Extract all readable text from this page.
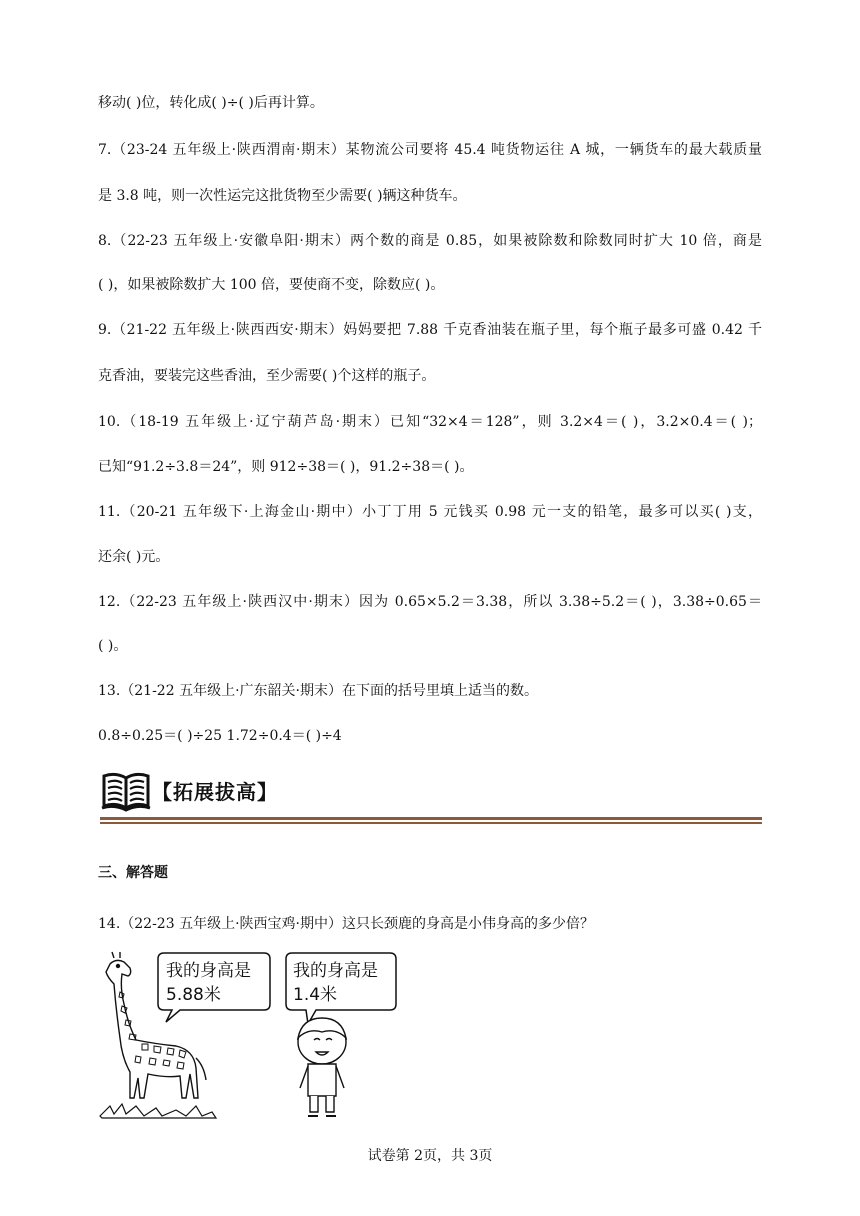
移动( )位，转化成( )÷( )后再计算。
7.（23-24 五年级上·陕西渭南·期末）某物流公司要将 45.4 吨货物运往 A 城，一辆货车的最大载质量
是 3.8 吨，则一次性运完这批货物至少需要( )辆这种货车。
8.（22-23 五年级上·安徽阜阳·期末）两个数的商是 0.85，如果被除数和除数同时扩大 10 倍，商是
( )，如果被除数扩大 100 倍，要使商不变，除数应( )。
9.（21-22 五年级上·陕西西安·期末）妈妈要把 7.88 千克香油装在瓶子里，每个瓶子最多可盛 0.42 千
克香油，要装完这些香油，至少需要( )个这样的瓶子。
10.（18-19 五年级上·辽宁葫芦岛·期末）已知“32×4＝128”，则 3.2×4＝( )，3.2×0.4＝( )；
已知“91.2÷3.8＝24”，则 912÷38＝( )，91.2÷38＝( )。
11.（20-21 五年级下·上海金山·期中）小丁丁用 5 元钱买 0.98 元一支的铅笔，最多可以买( )支，
还余( )元。
12.（22-23 五年级上·陕西汉中·期末）因为 0.65×5.2＝3.38，所以 3.38÷5.2＝( )，3.38÷0.65＝
( )。
13.（21-22 五年级上·广东韶关·期末）在下面的括号里填上适当的数。
0.8÷0.25＝( )÷25 1.72÷0.4＝( )÷4
【拓展拔高】
三、解答题
14.（22-23 五年级上·陕西宝鸡·期中）这只长颈鹿的身高是小伟身高的多少倍？
我的身高是
5.88米
我的身高是
1.4米
试卷第 2页，共 3页
